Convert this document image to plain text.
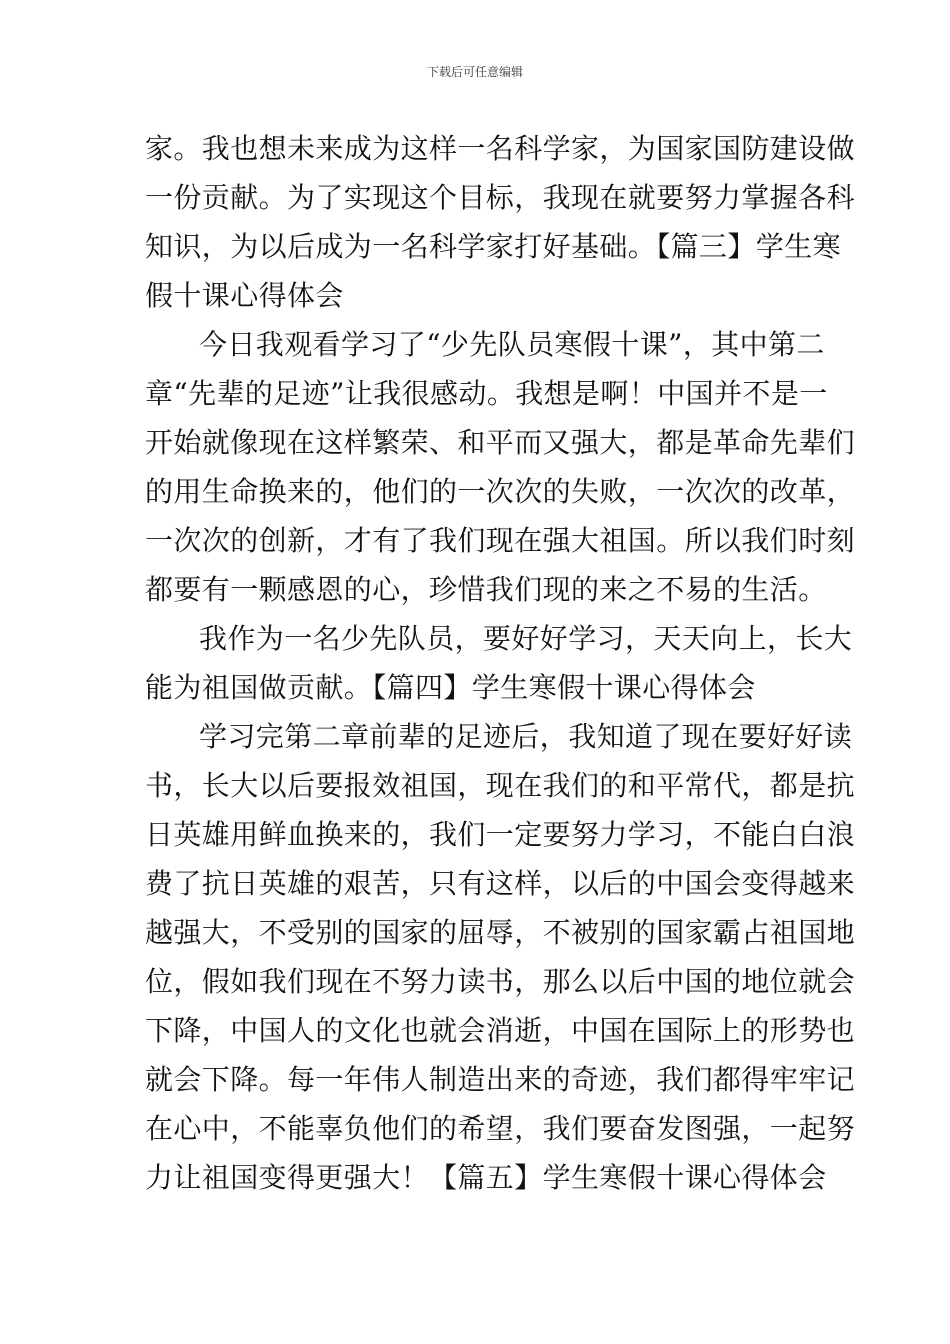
下载后可任意编辑
家。我也想未来成为这样一名科学家，为国家国防建设做
一份贡献。为了实现这个目标，我现在就要努力掌握各科
知识，为以后成为一名科学家打好基础。【篇三】学生寒
假十课心得体会
今日我观看学习了“少先队员寒假十课”，其中第二
章“先辈的足迹”让我很感动。我想是啊！中国并不是一
开始就像现在这样繁荣、和平而又强大，都是革命先辈们
的用生命换来的，他们的一次次的失败，一次次的改革，
一次次的创新，才有了我们现在强大祖国。所以我们时刻
都要有一颗感恩的心，珍惜我们现的来之不易的生活。
我作为一名少先队员，要好好学习，天天向上，长大
能为祖国做贡献。【篇四】学生寒假十课心得体会
学习完第二章前辈的足迹后，我知道了现在要好好读
书，长大以后要报效祖国，现在我们的和平常代，都是抗
日英雄用鲜血换来的，我们一定要努力学习，不能白白浪
费了抗日英雄的艰苦，只有这样，以后的中国会变得越来
越强大，不受别的国家的屈辱，不被别的国家霸占祖国地
位，假如我们现在不努力读书，那么以后中国的地位就会
下降，中国人的文化也就会消逝，中国在国际上的形势也
就会下降。每一年伟人制造出来的奇迹，我们都得牢牢记
在心中，不能辜负他们的希望，我们要奋发图强，一起努
力让祖国变得更强大！【篇五】学生寒假十课心得体会
